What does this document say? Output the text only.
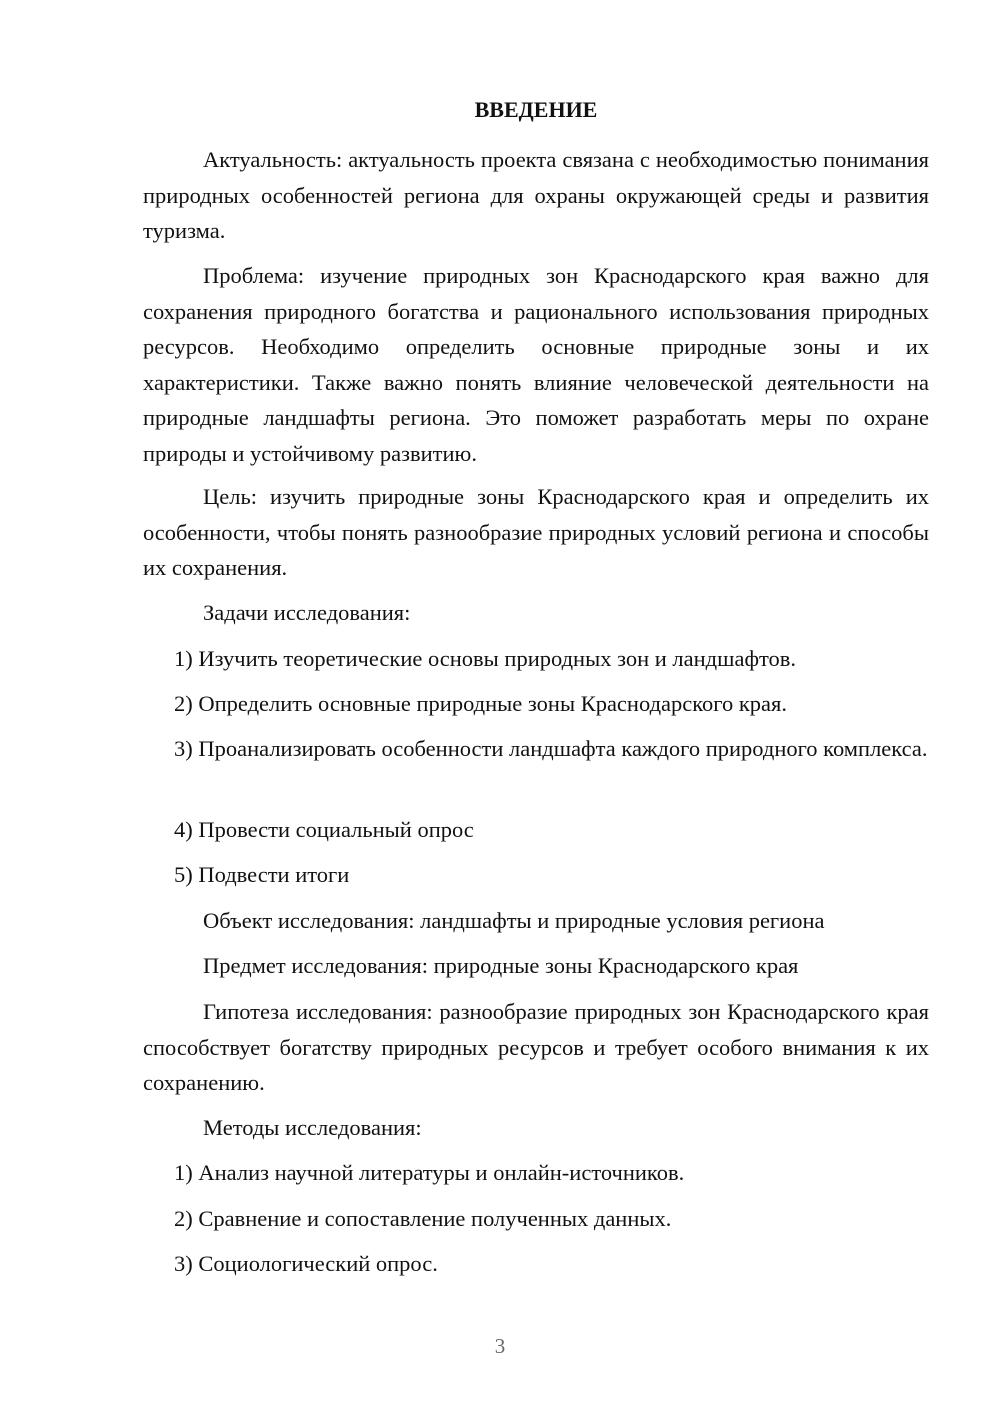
ВВЕДЕНИЕ

Актуальность: актуальность проекта связана с необходимостью понимания природных особенностей региона для охраны окружающей среды и развития туризма.

Проблема: изучение природных зон Краснодарского края важно для сохранения природного богатства и рационального использования природных ресурсов. Необходимо определить основные природные зоны и их характеристики. Также важно понять влияние человеческой деятельности на природные ландшафты региона. Это поможет разработать меры по охране природы и устойчивому развитию.

Цель: изучить природные зоны Краснодарского края и определить их особенности, чтобы понять разнообразие природных условий региона и способы их сохранения.

Задачи исследования:

1) Изучить теоретические основы природных зон и ландшафтов.

2) Определить основные природные зоны Краснодарского края.

3) Проанализировать особенности ландшафта каждого природного комплекса.

4) Провести социальный опрос

5) Подвести итоги

Объект исследования: ландшафты и природные условия региона

Предмет исследования: природные зоны Краснодарского края

Гипотеза исследования: разнообразие природных зон Краснодарского края способствует богатству природных ресурсов и требует особого внимания к их сохранению.

Методы исследования:

1) Анализ научной литературы и онлайн-источников.

2) Сравнение и сопоставление полученных данных.

3) Социологический опрос.

3
